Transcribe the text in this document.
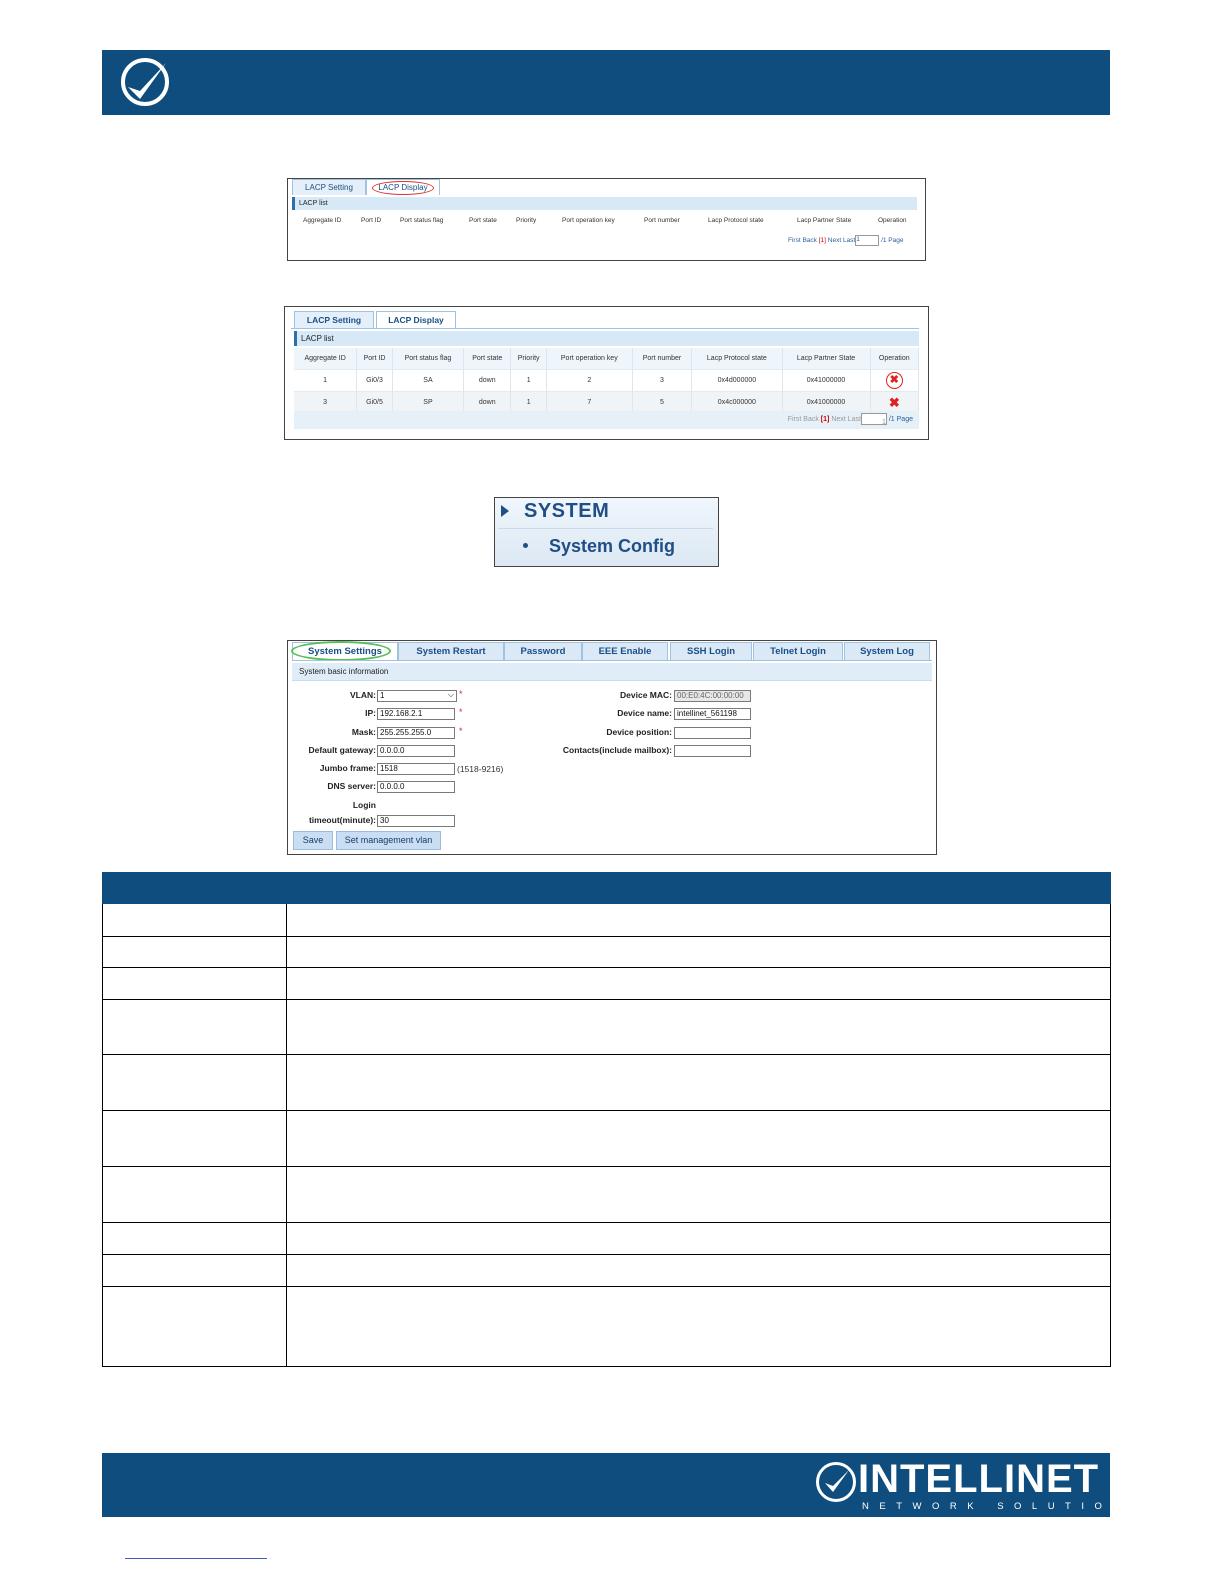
LACP Setting	LACP Display
LACP list
Aggregate ID	Port ID	Port status flag	Port state	Priority	Port operation key	Port number	Lacp Protocol state	Lacp Partner State	Operation
First Back [1] Next Last1	/1 Page
LACP Setting	LACP Display
LACP list
Aggregate ID	Port ID	Port status flag	Port state	Priority	Port operation key	Port number	Lacp Protocol state	Lacp Partner State	Operation
1	Gi0/3	SA	down	1	2	3	0x4d000000	0x41000000	✖
3	Gi0/5	SP	down	1	7	5	0x4c000000	0x41000000	✖
First Back [1] Next Last	1 /1 Page
SYSTEM
System Config
System Settings	System Restart	Password	EEE Enable	SSH Login	Telnet Login	System Log
System basic information
VLAN: 1	⌵ *
IP: 192.168.2.1	*
Mask: 255.255.255.0	*
Default gateway: 0.0.0.0
Jumbo frame: 1518	(1518-9216)
DNS server: 0.0.0.0
Login
timeout(minute): 30
Device MAC: 00:E0:4C:00:00:00
Device name: intellinet_561198
Device position:
Contacts(include mailbox):
Save	Set management vlan
INTELLINET
NETWORK SOLUTIONS
